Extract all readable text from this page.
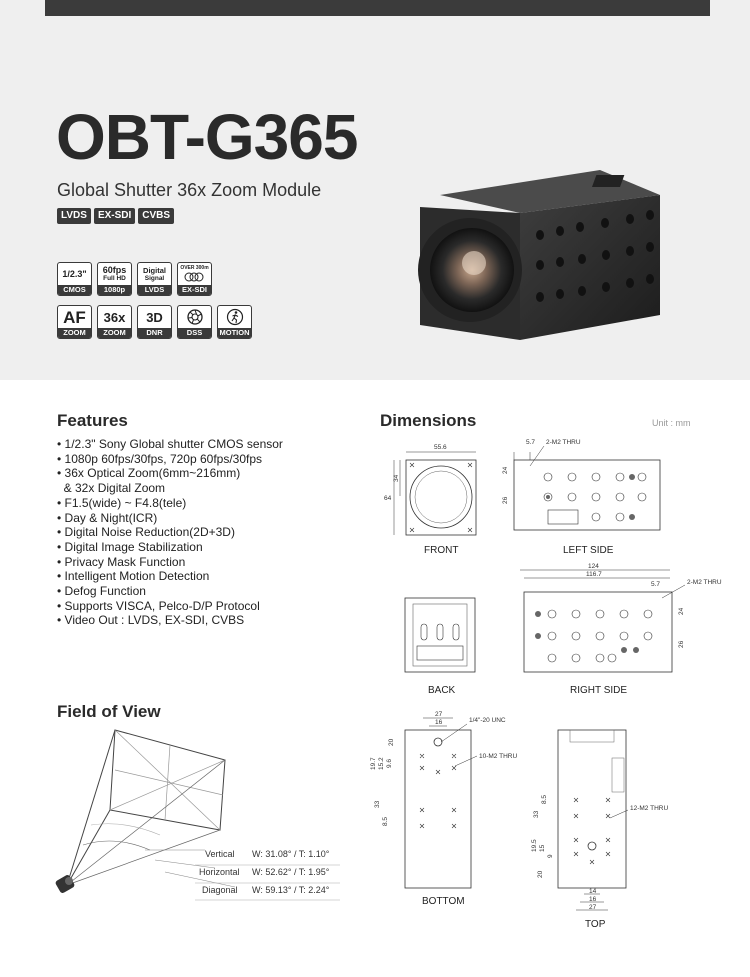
OBT-G365
Global Shutter 36x Zoom Module
LVDS	EX-SDI	CVBS
1/2.3"
CMOS
60fps
Full HD
1080p
Digital
Signal
LVDS
OVER 300m
EX-SDI
AF
ZOOM
36x
ZOOM
3D
DNR	DSS	MOTION
Features
• 1/2.3" Sony Global shutter CMOS sensor
• 1080p 60fps/30fps, 720p 60fps/30fps
• 36x Optical Zoom(6mm~216mm)
& 32x Digital Zoom
• F1.5(wide) ~ F4.8(tele)
• Day & Night(ICR)
• Digital Noise Reduction(2D+3D)
• Digital Image Stabilization
• Privacy Mask Function
• Intelligent Motion Detection
• Defog Function
• Supports VISCA, Pelco-D/P Protocol
• Video Out : LVDS, EX-SDI, CVBS
Dimensions	Unit : mm
55.6
64
34
FRONT
5.7 2-M2 THRU
24
26
LEFT SIDE
BACK
124
116.7
5.7	2-M2 THRU
24
26
RIGHT SIDE
27
16	1/4"-20 UNC
10-M2 THRU
20
19.7 15.2 9.6
33
8.5
BOTTOM
12-M2 THRU
33
8.5
19.5 15
9
20
14
16
27
TOP
Field of View
Vertical W: 31.08° / T: 1.10°
Horizontal W: 52.62° / T: 1.95°
Diagonal W: 59.13° / T: 2.24°
